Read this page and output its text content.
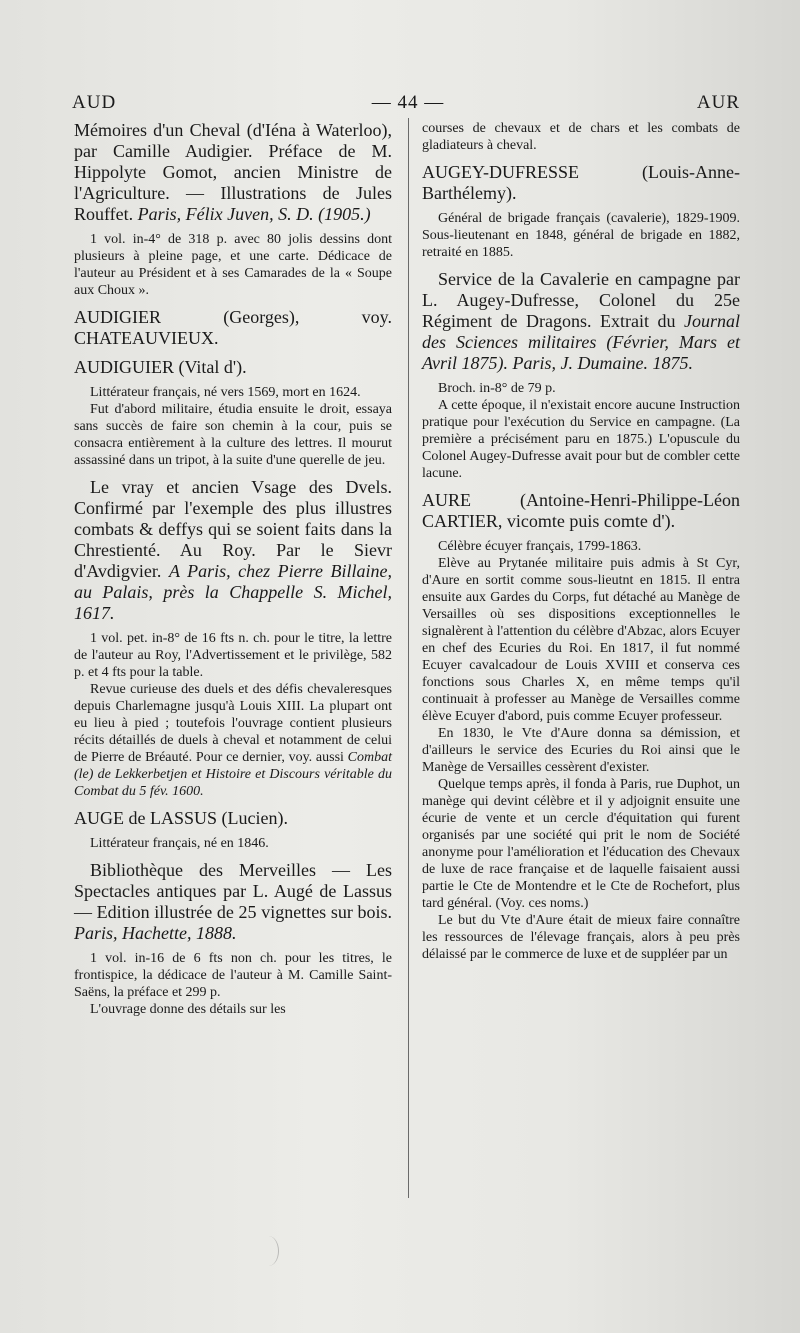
AUD	— 44 —	AUR
Mémoires d'un Cheval (d'Iéna à Waterloo), par Camille Audigier. Préface de M. Hippolyte Gomot, ancien Ministre de l'Agriculture. — Illustrations de Jules Rouffet. Paris, Félix Juven, S. D. (1905.)
1 vol. in-4° de 318 p. avec 80 jolis dessins dont plusieurs à pleine page, et une carte. Dédicace de l'auteur au Président et à ses Camarades de la « Soupe aux Choux ».
AUDIGIER (Georges), voy. CHATEAUVIEUX.
AUDIGUIER (Vital d').
Littérateur français, né vers 1569, mort en 1624.
Fut d'abord militaire, étudia ensuite le droit, essaya sans succès de faire son chemin à la cour, puis se consacra entièrement à la culture des lettres. Il mourut assassiné dans un tripot, à la suite d'une querelle de jeu.
Le vray et ancien Vsage des Dvels. Confirmé par l'exemple des plus illustres combats & deffys qui se soient faits dans la Chrestienté. Au Roy. Par le Sievr d'Avdigvier. A Paris, chez Pierre Billaine, au Palais, près la Chappelle S. Michel, 1617.
1 vol. pet. in-8° de 16 fts n. ch. pour le titre, la lettre de l'auteur au Roy, l'Advertissement et le privilège, 582 p. et 4 fts pour la table.
Revue curieuse des duels et des défis chevaleresques depuis Charlemagne jusqu'à Louis XIII. La plupart ont eu lieu à pied ; toutefois l'ouvrage contient plusieurs récits détaillés de duels à cheval et notamment de celui de Pierre de Bréauté. Pour ce dernier, voy. aussi Combat (le) de Lekkerbetjen et Histoire et Discours véritable du Combat du 5 fév. 1600.
AUGE de LASSUS (Lucien).
Littérateur français, né en 1846.
Bibliothèque des Merveilles — Les Spectacles antiques par L. Augé de Lassus — Edition illustrée de 25 vignettes sur bois. Paris, Hachette, 1888.
1 vol. in-16 de 6 fts non ch. pour les titres, le frontispice, la dédicace de l'auteur à M. Camille Saint-Saëns, la préface et 299 p.
L'ouvrage donne des détails sur les
courses de chevaux et de chars et les combats de gladiateurs à cheval.
AUGEY-DUFRESSE (Louis-Anne-Barthélemy).
Général de brigade français (cavalerie), 1829-1909. Sous-lieutenant en 1848, général de brigade en 1882, retraité en 1885.
Service de la Cavalerie en campagne par L. Augey-Dufresse, Colonel du 25e Régiment de Dragons. Extrait du Journal des Sciences militaires (Février, Mars et Avril 1875). Paris, J. Dumaine. 1875.
Broch. in-8° de 79 p.
A cette époque, il n'existait encore aucune Instruction pratique pour l'exécution du Service en campagne. (La première a précisément paru en 1875.) L'opuscule du Colonel Augey-Dufresse avait pour but de combler cette lacune.
AURE (Antoine-Henri-Philippe-Léon CARTIER, vicomte puis comte d').
Célèbre écuyer français, 1799-1863.
Elève au Prytanée militaire puis admis à St Cyr, d'Aure en sortit comme sous-lieutnt en 1815. Il entra ensuite aux Gardes du Corps, fut détaché au Manège de Versailles où ses dispositions exceptionnelles le signalèrent à l'attention du célèbre d'Abzac, alors Ecuyer en chef des Ecuries du Roi. En 1817, il fut nommé Ecuyer cavalcadour de Louis XVIII et conserva ces fonctions sous Charles X, en même temps qu'il continuait à professer au Manège de Versailles comme élève Ecuyer d'abord, puis comme Ecuyer professeur.
En 1830, le Vte d'Aure donna sa démission, et d'ailleurs le service des Ecuries du Roi ainsi que le Manège de Versailles cessèrent d'exister.
Quelque temps après, il fonda à Paris, rue Duphot, un manège qui devint célèbre et il y adjoignit ensuite une écurie de vente et un cercle d'équitation qui furent organisés par une société qui prit le nom de Société anonyme pour l'amélioration et l'éducation des Chevaux de luxe de race française et de laquelle faisaient aussi partie le Cte de Montendre et le Cte de Rochefort, plus tard général. (Voy. ces noms.)
Le but du Vte d'Aure était de mieux faire connaître les ressources de l'élevage français, alors à peu près délaissé par le commerce de luxe et de suppléer par un
